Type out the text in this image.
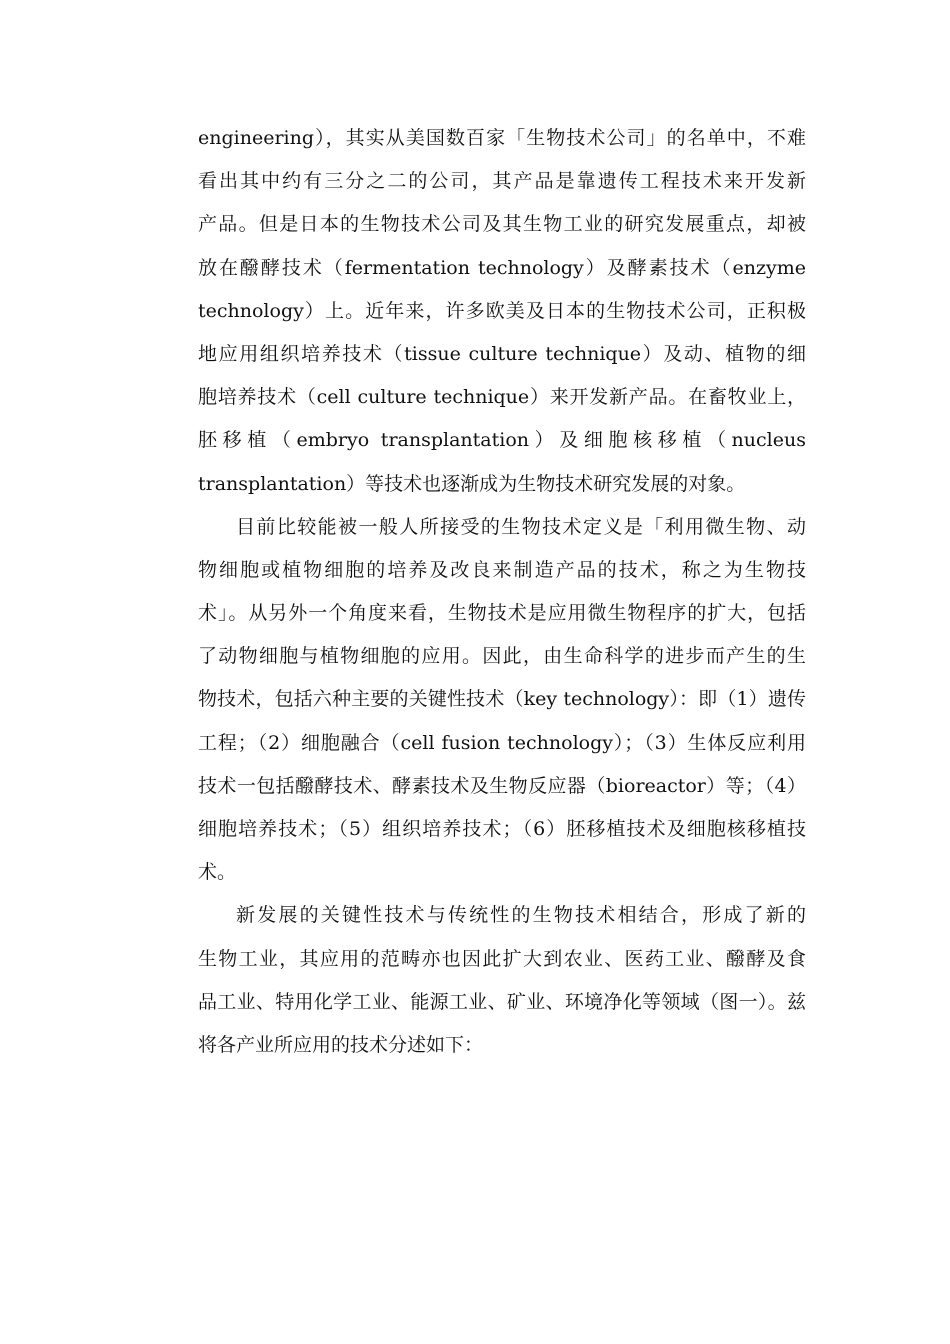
engineering），其实从美国数百家「生物技术公司」的名单中，不难
看出其中约有三分之二的公司，其产品是靠遗传工程技术来开发新
产品。但是日本的生物技术公司及其生物工业的研究发展重点，却被
放在醱酵技术（fermentation technology）及酵素技术（enzyme
technology）上。近年来，许多欧美及日本的生物技术公司，正积极
地应用组织培养技术（tissue culture technique）及动、植物的细
胞培养技术（cell culture technique）来开发新产品。在畜牧业上，
胚移植（embryo transplantation）及细胞核移植（nucleus
transplantation）等技术也逐渐成为生物技术研究发展的对象。
目前比较能被一般人所接受的生物技术定义是「利用微生物、动
物细胞或植物细胞的培养及改良来制造产品的技术，称之为生物技
术」。从另外一个角度来看，生物技术是应用微生物程序的扩大，包括
了动物细胞与植物细胞的应用。因此，由生命科学的进步而产生的生
物技术，包括六种主要的关键性技术（key technology）：即（1）遗传
工程；（2）细胞融合（cell fusion technology）；（3）生体反应利用
技术一包括醱酵技术、酵素技术及生物反应器（bioreactor）等；（4）
细胞培养技术；（5）组织培养技术；（6）胚移植技术及细胞核移植技
术。
新发展的关键性技术与传统性的生物技术相结合，形成了新的
生物工业，其应用的范畴亦也因此扩大到农业、医药工业、醱酵及食
品工业、特用化学工业、能源工业、矿业、环境净化等领域（图一）。兹
将各产业所应用的技术分述如下：
